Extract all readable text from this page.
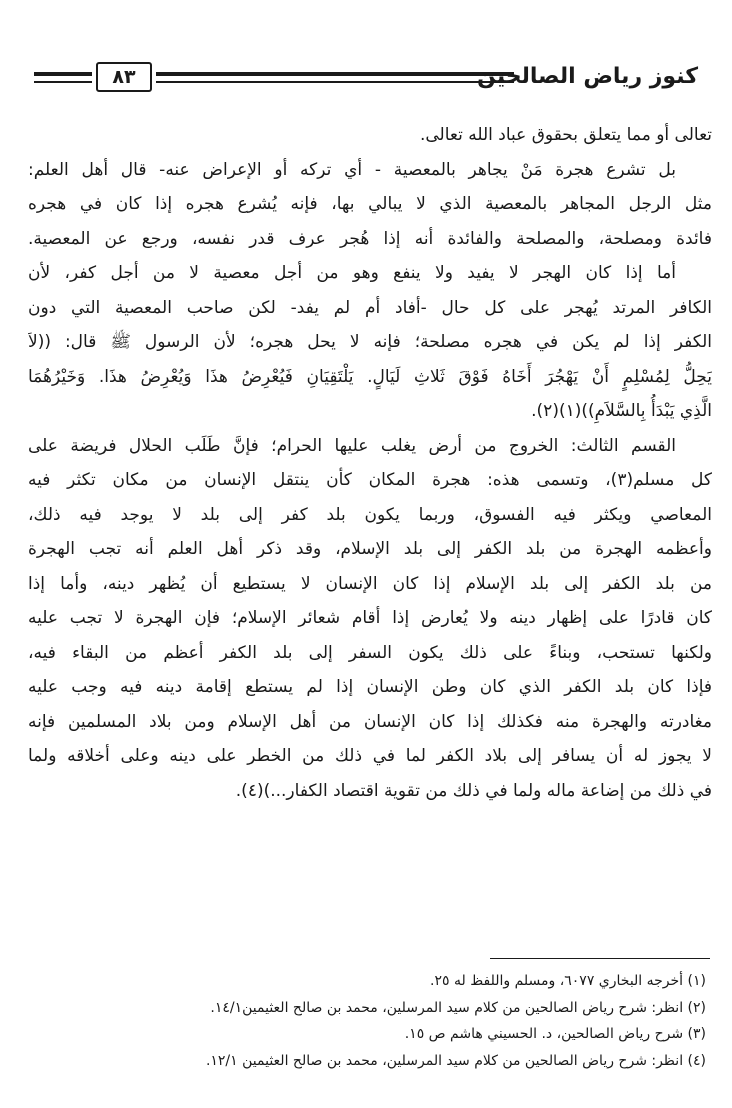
٨٣	كنوز رياض الصالحين
تعالى أو مما يتعلق بحقوق عباد الله تعالى.
بل تشرع هجرة مَنْ يجاهر بالمعصية - أي تركه أو الإعراض عنه- قال أهل العلم:
مثل الرجل المجاهر بالمعصية الذي لا يبالي بها، فإنه يُشرع هجره إذا كان في هجره
فائدة ومصلحة، والمصلحة والفائدة أنه إذا هُجر عرف قدر نفسه، ورجع عن المعصية.
أما إذا كان الهجر لا يفيد ولا ينفع وهو من أجل معصية لا من أجل كفر، لأن
الكافر المرتد يُهجر على كل حال -أفاد أم لم يفد- لكن صاحب المعصية التي دون
الكفر إذا لم يكن في هجره مصلحة؛ فإنه لا يحل هجره؛ لأن الرسول ﷺ قال: ((لاَ
يَحِلُّ لِمُسْلِمٍ أَنْ يَهْجُرَ أَخَاهُ فَوْقَ ثَلاثِ لَيَالٍ. يَلْتَقِيَانِ فَيُعْرِضُ هذَا وَيُعْرِضُ هذَا. وَخَيْرُهُمَا
الَّذِي يَبْدَأُ بِالسَّلاَمِ))(١)(٢).
القسم الثالث: الخروج من أرض يغلب عليها الحرام؛ فإنَّ طَلَب الحلال فريضة على
كل مسلم(٣)، وتسمى هذه: هجرة المكان كأن ينتقل الإنسان من مكان تكثر فيه
المعاصي ويكثر فيه الفسوق، وربما يكون بلد كفر إلى بلد لا يوجد فيه ذلك،
وأعظمه الهجرة من بلد الكفر إلى بلد الإسلام، وقد ذكر أهل العلم أنه تجب الهجرة
من بلد الكفر إلى بلد الإسلام إذا كان الإنسان لا يستطيع أن يُظهر دينه، وأما إذا
كان قادرًا على إظهار دينه ولا يُعارض إذا أقام شعائر الإسلام؛ فإن الهجرة لا تجب عليه
ولكنها تستحب، وبناءً على ذلك يكون السفر إلى بلد الكفر أعظم من البقاء فيه،
فإذا كان بلد الكفر الذي كان وطن الإنسان إذا لم يستطع إقامة دينه فيه وجب عليه
مغادرته والهجرة منه فكذلك إذا كان الإنسان من أهل الإسلام ومن بلاد المسلمين فإنه
لا يجوز له أن يسافر إلى بلاد الكفر لما في ذلك من الخطر على دينه وعلى أخلاقه ولما
في ذلك من إضاعة ماله ولما في ذلك من تقوية اقتصاد الكفار...)(٤).
(١) أخرجه البخاري ٦٠٧٧، ومسلم واللفظ له ٢٥.
(٢) انظر: شرح رياض الصالحين من كلام سيد المرسلين، محمد بن صالح العثيمين١٤/١.
(٣) شرح رياض الصالحين، د. الحسيني هاشم ص ١٥.
(٤) انظر: شرح رياض الصالحين من كلام سيد المرسلين، محمد بن صالح العثيمين ١٢/١.
